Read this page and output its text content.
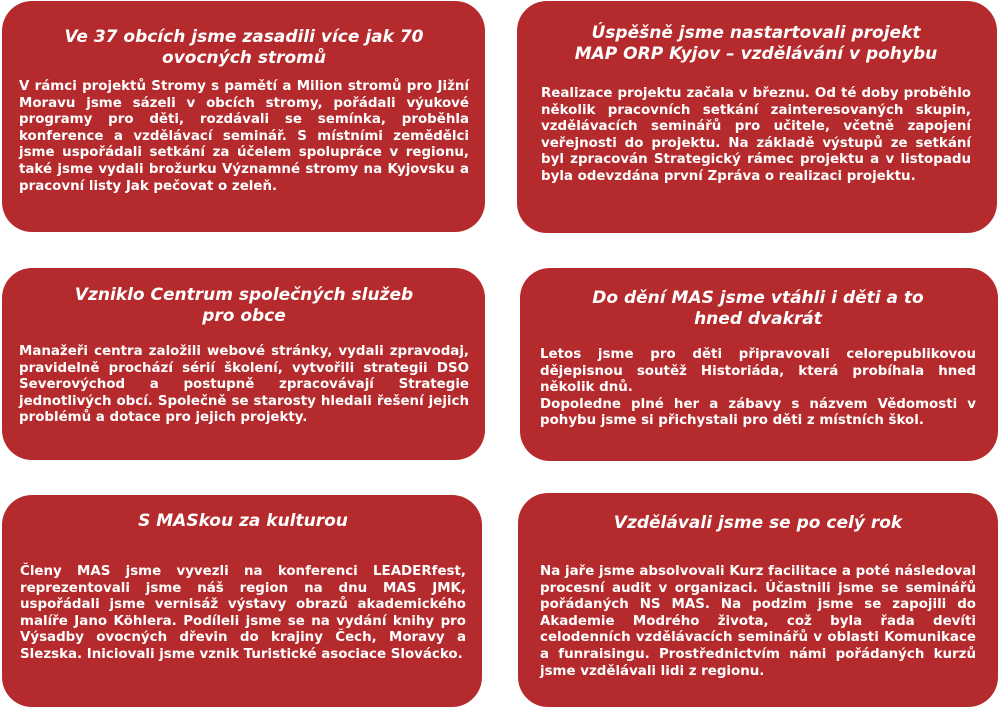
Ve 37 obcích jsme zasadili více jak 70
ovocných stromů

V rámci projektů Stromy s pamětí a Milion stromů pro Jižní Moravu jsme sázeli v obcích stromy, pořádali výukové programy pro děti, rozdávali se semínka, proběhla konference a vzdělávací seminář. S místními zemědělci jsme uspořádali setkání za účelem spolupráce v regionu, také jsme vydali brožurku Významné stromy na Kyjovsku a pracovní listy Jak pečovat o zeleň.

Úspěšně jsme nastartovali projekt
MAP ORP Kyjov – vzdělávání v pohybu

Realizace projektu začala v březnu. Od té doby proběhlo několik pracovních setkání zainteresovaných skupin, vzdělávacích seminářů pro učitele, včetně zapojení veřejnosti do projektu. Na základě výstupů ze setkání byl zpracován Strategický rámec projektu a v listopadu byla odevzdána první Zpráva o realizaci projektu.

Vzniklo Centrum společných služeb
pro obce

Manažeři centra založili webové stránky, vydali zpravodaj, pravidelně prochází sérií školení, vytvořili strategii DSO Severovýchod a postupně zpracovávají Strategie jednotlivých obcí. Společně se starosty hledali řešení jejich problémů a dotace pro jejich projekty.

Do dění MAS jsme vtáhli i děti a to
hned dvakrát

Letos jsme pro děti připravovali celorepublikovou dějepisnou soutěž Historiáda, která probíhala hned několik dnů.

Dopoledne plné her a zábavy s názvem Vědomosti v pohybu jsme si přichystali pro děti z místních škol.

S MASkou za kulturou

Členy MAS jsme vyvezli na konferenci LEADERfest, reprezentovali jsme náš region na dnu MAS JMK, uspořádali jsme vernisáž výstavy obrazů akademického malíře Jano Köhlera. Podíleli jsme se na vydání knihy pro Výsadby ovocných dřevin do krajiny Čech, Moravy a Slezska. Iniciovali jsme vznik Turistické asociace Slovácko.

Vzdělávali jsme se po celý rok

Na jaře jsme absolvovali Kurz facilitace a poté následoval procesní audit v organizaci. Účastnili jsme se seminářů pořádaných NS MAS. Na podzim jsme se zapojili do Akademie Modrého života, což byla řada devíti celodenních vzdělávacích seminářů v oblasti Komunikace a funraisingu. Prostřednictvím námi pořádaných kurzů jsme vzdělávali lidi z regionu.
